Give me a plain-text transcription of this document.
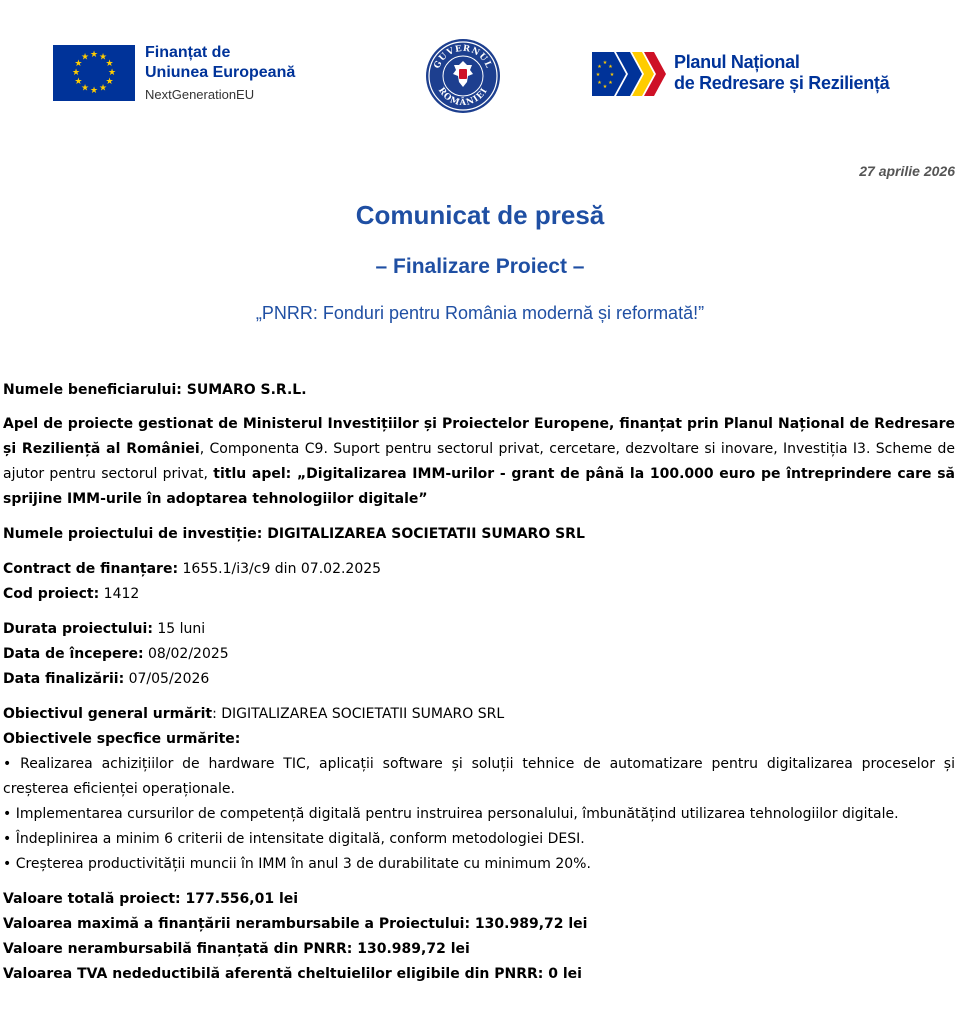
★ ★
★
★
★
★
★
★
★
★
★
★	Finanțat de
Uniunea Europeană
NextGenerationEU
GUVERNUL
ROMÂNIEI
★
★
★
★
★
★
★
★	Planul Național
de Redresare și Reziliență
27 aprilie 2026
Comunicat de presă
– Finalizare Proiect –
„PNRR: Fonduri pentru România modernă și reformată!”

Numele beneficiarului: SUMARO S.R.L.

Apel de proiecte gestionat de Ministerul Investițiilor și Proiectelor Europene, finanțat prin Planul Național de Redresare și Reziliență al României, Componenta C9. Suport pentru sectorul privat, cercetare, dezvoltare si inovare, Investiția I3. Scheme de ajutor pentru sectorul privat, titlu apel: „Digitalizarea IMM-urilor - grant de până la 100.000 euro pe întreprindere care să sprijine IMM-urile în adoptarea tehnologiilor digitale”

Numele proiectului de investiție: DIGITALIZAREA SOCIETATII SUMARO SRL

Contract de finanțare: 1655.1/i3/c9 din 07.02.2025

Cod proiect: 1412

Durata proiectului: 15 luni

Data de începere: 08/02/2025

Data finalizării: 07/05/2026

Obiectivul general urmărit: DIGITALIZAREA SOCIETATII SUMARO SRL

Obiectivele specfice urmărite:

• Realizarea achizițiilor de hardware TIC, aplicații software și soluții tehnice de automatizare pentru digitalizarea proceselor și creșterea eficienței operaționale.

• Implementarea cursurilor de competență digitală pentru instruirea personalului, îmbunătățind utilizarea tehnologiilor digitale.

• Îndeplinirea a minim 6 criterii de intensitate digitală, conform metodologiei DESI.

• Creșterea productivității muncii în IMM în anul 3 de durabilitate cu minimum 20%.

Valoare totală proiect: 177.556,01 lei

Valoarea maximă a finanțării nerambursabile a Proiectului: 130.989,72 lei

Valoare nerambursabilă finanțată din PNRR: 130.989,72 lei

Valoarea TVA nedeductibilă aferentă cheltuielilor eligibile din PNRR: 0 lei
